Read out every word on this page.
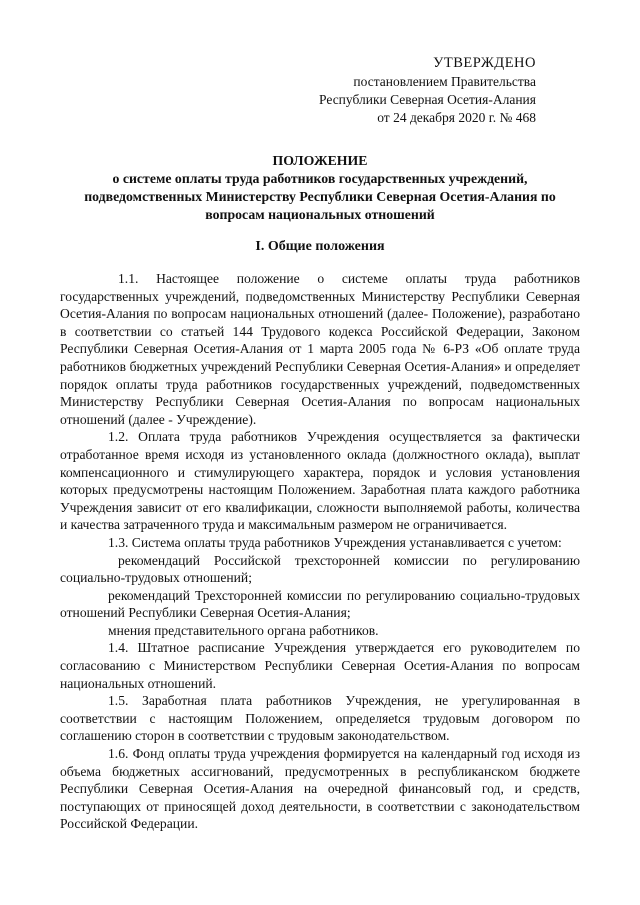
УТВЕРЖДЕНО
постановлением Правительства
Республики Северная Осетия-Алания
от 24 декабря 2020 г. № 468
ПОЛОЖЕНИЕ
о системе оплаты труда работников государственных учреждений,
подведомственных Министерству Республики Северная Осетия-Алания по
вопросам национальных отношений
I. Общие положения

1.1. Настоящее положение о системе оплаты труда работников государственных учреждений, подведомственных Министерству Республики Северная Осетия-Алания по вопросам национальных отношений (далее- Положение), разработано в соответствии со статьей 144 Трудового кодекса Российской Федерации, Законом Республики Северная Осетия-Алания от 1 марта 2005 года № 6-РЗ «Об оплате труда работников бюджетных учреждений Республики Северная Осетия-Алания» и определяет порядок оплаты труда работников государственных учреждений, подведомственных Министерству Республики Северная Осетия-Алания по вопросам национальных отношений (далее - Учреждение).

1.2. Оплата труда работников Учреждения осуществляется за фактически отработанное время исходя из установленного оклада (должностного оклада), выплат компенсационного и стимулирующего характера, порядок и условия установления которых предусмотрены настоящим Положением. Заработная плата каждого работника Учреждения зависит от его квалификации, сложности выполняемой работы, количества и качества затраченного труда и максимальным размером не ограничивается.

1.3. Система оплаты труда работников Учреждения устанавливается с учетом:

рекомендаций Российской трехсторонней комиссии по регулированию социально-трудовых отношений;

рекомендаций Трехсторонней комиссии по регулированию социально-трудовых отношений Республики Северная Осетия-Алания;

мнения представительного органа работников.

1.4. Штатное расписание Учреждения утверждается его руководителем по согласованию с Министерством Республики Северная Осетия-Алания по вопросам национальных отношений.

1.5. Заработная плата работников Учреждения, не урегулированная в соответствии с настоящим Положением, определяеtся трудовым договором по соглашению сторон в соответствии с трудовым законодательством.

1.6. Фонд оплаты труда учреждения формируется на календарный год исходя из объема бюджетных ассигнований, предусмотренных в республиканском бюджете Республики Северная Осетия-Алания на очередной финансовый год, и средств, поступающих от приносящей доход деятельности, в соответствии с законодательством Российской Федерации.
